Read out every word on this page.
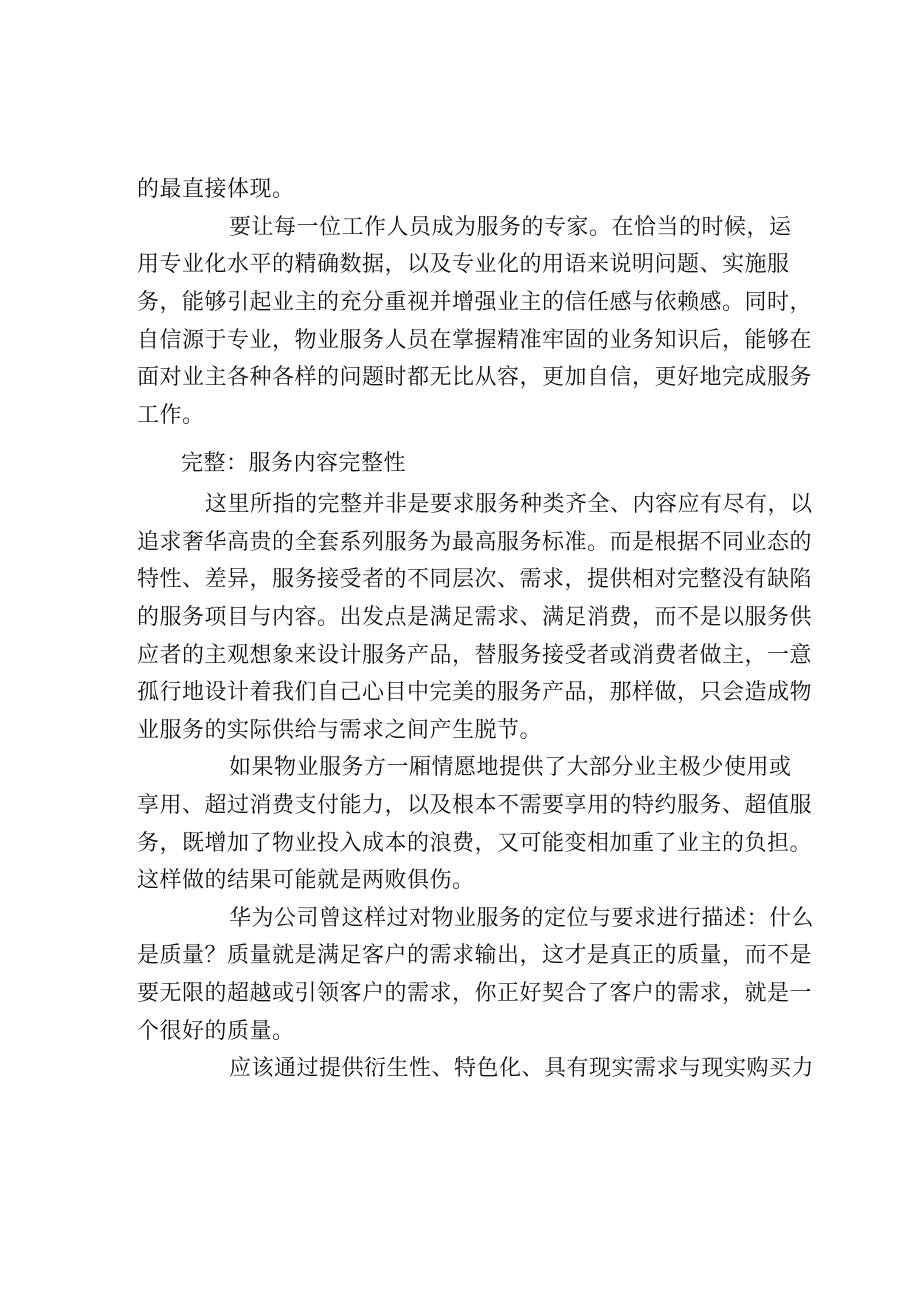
的最直接体现。
要让每一位工作人员成为服务的专家。在恰当的时候，运
用专业化水平的精确数据，以及专业化的用语来说明问题、实施服
务，能够引起业主的充分重视并增强业主的信任感与依赖感。同时，
自信源于专业，物业服务人员在掌握精准牢固的业务知识后，能够在
面对业主各种各样的问题时都无比从容，更加自信，更好地完成服务
工作。
完整：服务内容完整性
这里所指的完整并非是要求服务种类齐全、内容应有尽有，以
追求奢华高贵的全套系列服务为最高服务标准。而是根据不同业态的
特性、差异，服务接受者的不同层次、需求，提供相对完整没有缺陷
的服务项目与内容。出发点是满足需求、满足消费，而不是以服务供
应者的主观想象来设计服务产品，替服务接受者或消费者做主，一意
孤行地设计着我们自己心目中完美的服务产品，那样做，只会造成物
业服务的实际供给与需求之间产生脱节。
如果物业服务方一厢情愿地提供了大部分业主极少使用或
享用、超过消费支付能力，以及根本不需要享用的特约服务、超值服
务，既增加了物业投入成本的浪费，又可能变相加重了业主的负担。
这样做的结果可能就是两败俱伤。
华为公司曾这样过对物业服务的定位与要求进行描述：什么
是质量？质量就是满足客户的需求输出，这才是真正的质量，而不是
要无限的超越或引领客户的需求，你正好契合了客户的需求，就是一
个很好的质量。
应该通过提供衍生性、特色化、具有现实需求与现实购买力
